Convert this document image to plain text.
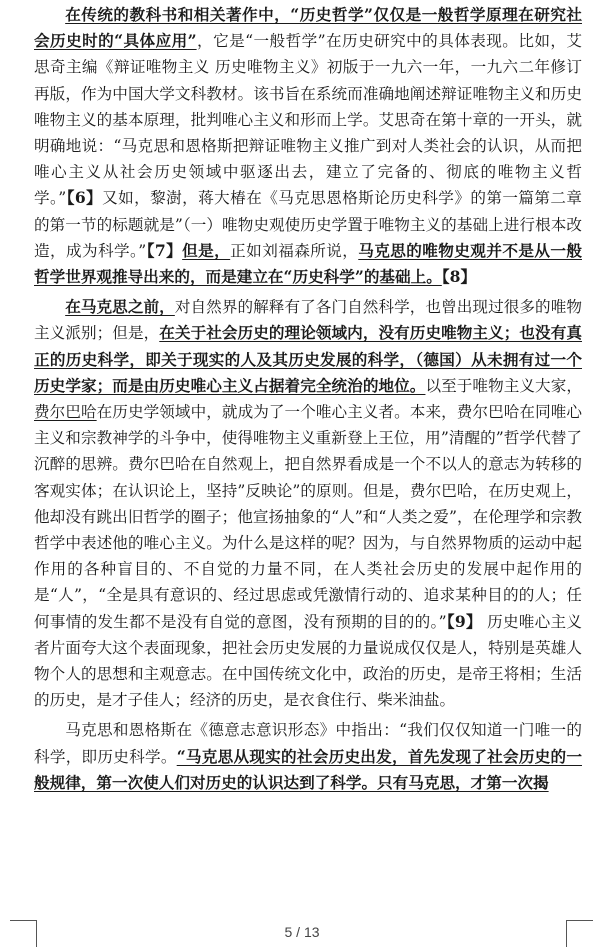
在传统的教科书和相关著作中，“历史哲学”仅仅是一般哲学原理在研究社会历史时的“具体应用”，它是“一般哲学”在历史研究中的具体表现。比如，艾思奇主编《辩证唯物主义 历史唯物主义》初版于一九六一年，一九六二年修订再版，作为中国大学文科教材。该书旨在系统而准确地阐述辩证唯物主义和历史唯物主义的基本原理，批判唯心主义和形而上学。艾思奇在第十章的一开头，就明确地说：“马克思和恩格斯把辩证唯物主义推广到对人类社会的认识，从而把唯心主义从社会历史领域中驱逐出去，建立了完备的、彻底的唯物主义哲学。”【6】又如，黎澍，蒋大椿在《马克思恩格斯论历史科学》的第一篇第二章的第一节的标题就是”（一）唯物史观使历史学置于唯物主义的基础上进行根本改造，成为科学。”【7】但是，正如刘福森所说，马克思的唯物史观并不是从一般哲学世界观推导出来的，而是建立在“历史科学”的基础上。【8】

在马克思之前，对自然界的解释有了各门自然科学，也曾出现过很多的唯物主义派别；但是，在关于社会历史的理论领域内，没有历史唯物主义；也没有真正的历史科学，即关于现实的人及其历史发展的科学，（德国）从未拥有过一个历史学家；而是由历史唯心主义占据着完全统治的地位。以至于唯物主义大家，费尔巴哈在历史学领域中，就成为了一个唯心主义者。本来，费尔巴哈在同唯心主义和宗教神学的斗争中，使得唯物主义重新登上王位，用”清醒的”哲学代替了沉醉的思辨。费尔巴哈在自然观上，把自然界看成是一个不以人的意志为转移的客观实体；在认识论上，坚持”反映论”的原则。但是，费尔巴哈，在历史观上，他却没有跳出旧哲学的圈子；他宣扬抽象的“人”和“人类之爱”，在伦理学和宗教哲学中表述他的唯心主义。为什么是这样的呢？因为，与自然界物质的运动中起作用的各种盲目的、不自觉的力量不同，在人类社会历史的发展中起作用的是“人”，“全是具有意识的、经过思虑或凭激情行动的、追求某种目的的人；任何事情的发生都不是没有自觉的意图，没有预期的目的的。”【9】 历史唯心主义者片面夸大这个表面现象，把社会历史发展的力量说成仅仅是人，特别是英雄人物个人的思想和主观意志。在中国传统文化中，政治的历史，是帝王将相；生活的历史，是才子佳人；经济的历史，是衣食住行、柴米油盐。

马克思和恩格斯在《德意志意识形态》中指出：“我们仅仅知道一门唯一的科学，即历史科学。“马克思从现实的社会历史出发，首先发现了社会历史的一般规律，第一次使人们对历史的认识达到了科学。只有马克思，才第一次揭

5 / 13
